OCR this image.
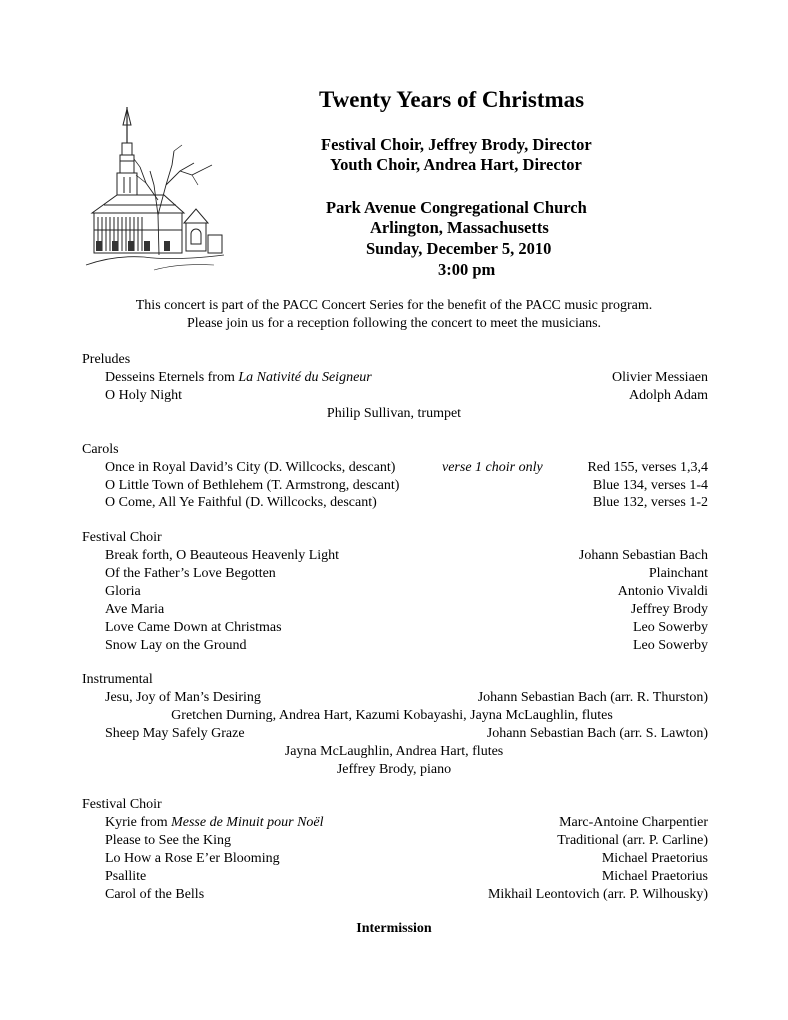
Twenty Years of Christmas
Festival Choir, Jeffrey Brody, Director
Youth Choir, Andrea Hart, Director
Park Avenue Congregational Church
Arlington, Massachusetts
Sunday, December 5, 2010
3:00 pm
This concert is part of the PACC Concert Series for the benefit of the PACC music program.
Please join us for a reception following the concert to meet the musicians.
Preludes
Desseins Eternels from La Nativité du Seigneur	Olivier Messiaen
O Holy Night	Adolph Adam
Philip Sullivan, trumpet
Carols
Once in Royal David’s City (D. Willcocks, descant)	verse 1 choir only	Red 155, verses 1,3,4
O Little Town of Bethlehem (T. Armstrong, descant)	Blue 134, verses 1-4
O Come, All Ye Faithful (D. Willcocks, descant)	Blue 132, verses 1-2
Festival Choir
Break forth, O Beauteous Heavenly Light	Johann Sebastian Bach
Of the Father’s Love Begotten	Plainchant
Gloria	Antonio Vivaldi
Ave Maria	Jeffrey Brody
Love Came Down at Christmas	Leo Sowerby
Snow Lay on the Ground	Leo Sowerby
Instrumental
Jesu, Joy of Man’s Desiring	Johann Sebastian Bach (arr. R. Thurston)
Gretchen Durning, Andrea Hart, Kazumi Kobayashi, Jayna McLaughlin, flutes
Sheep May Safely Graze	Johann Sebastian Bach (arr. S. Lawton)
Jayna McLaughlin, Andrea Hart, flutes
Jeffrey Brody, piano
Festival Choir
Kyrie from Messe de Minuit pour Noël	Marc-Antoine Charpentier
Please to See the King	Traditional (arr. P. Carline)
Lo How a Rose E’er Blooming	Michael Praetorius
Psallite	Michael Praetorius
Carol of the Bells	Mikhail Leontovich (arr. P. Wilhousky)
Intermission
